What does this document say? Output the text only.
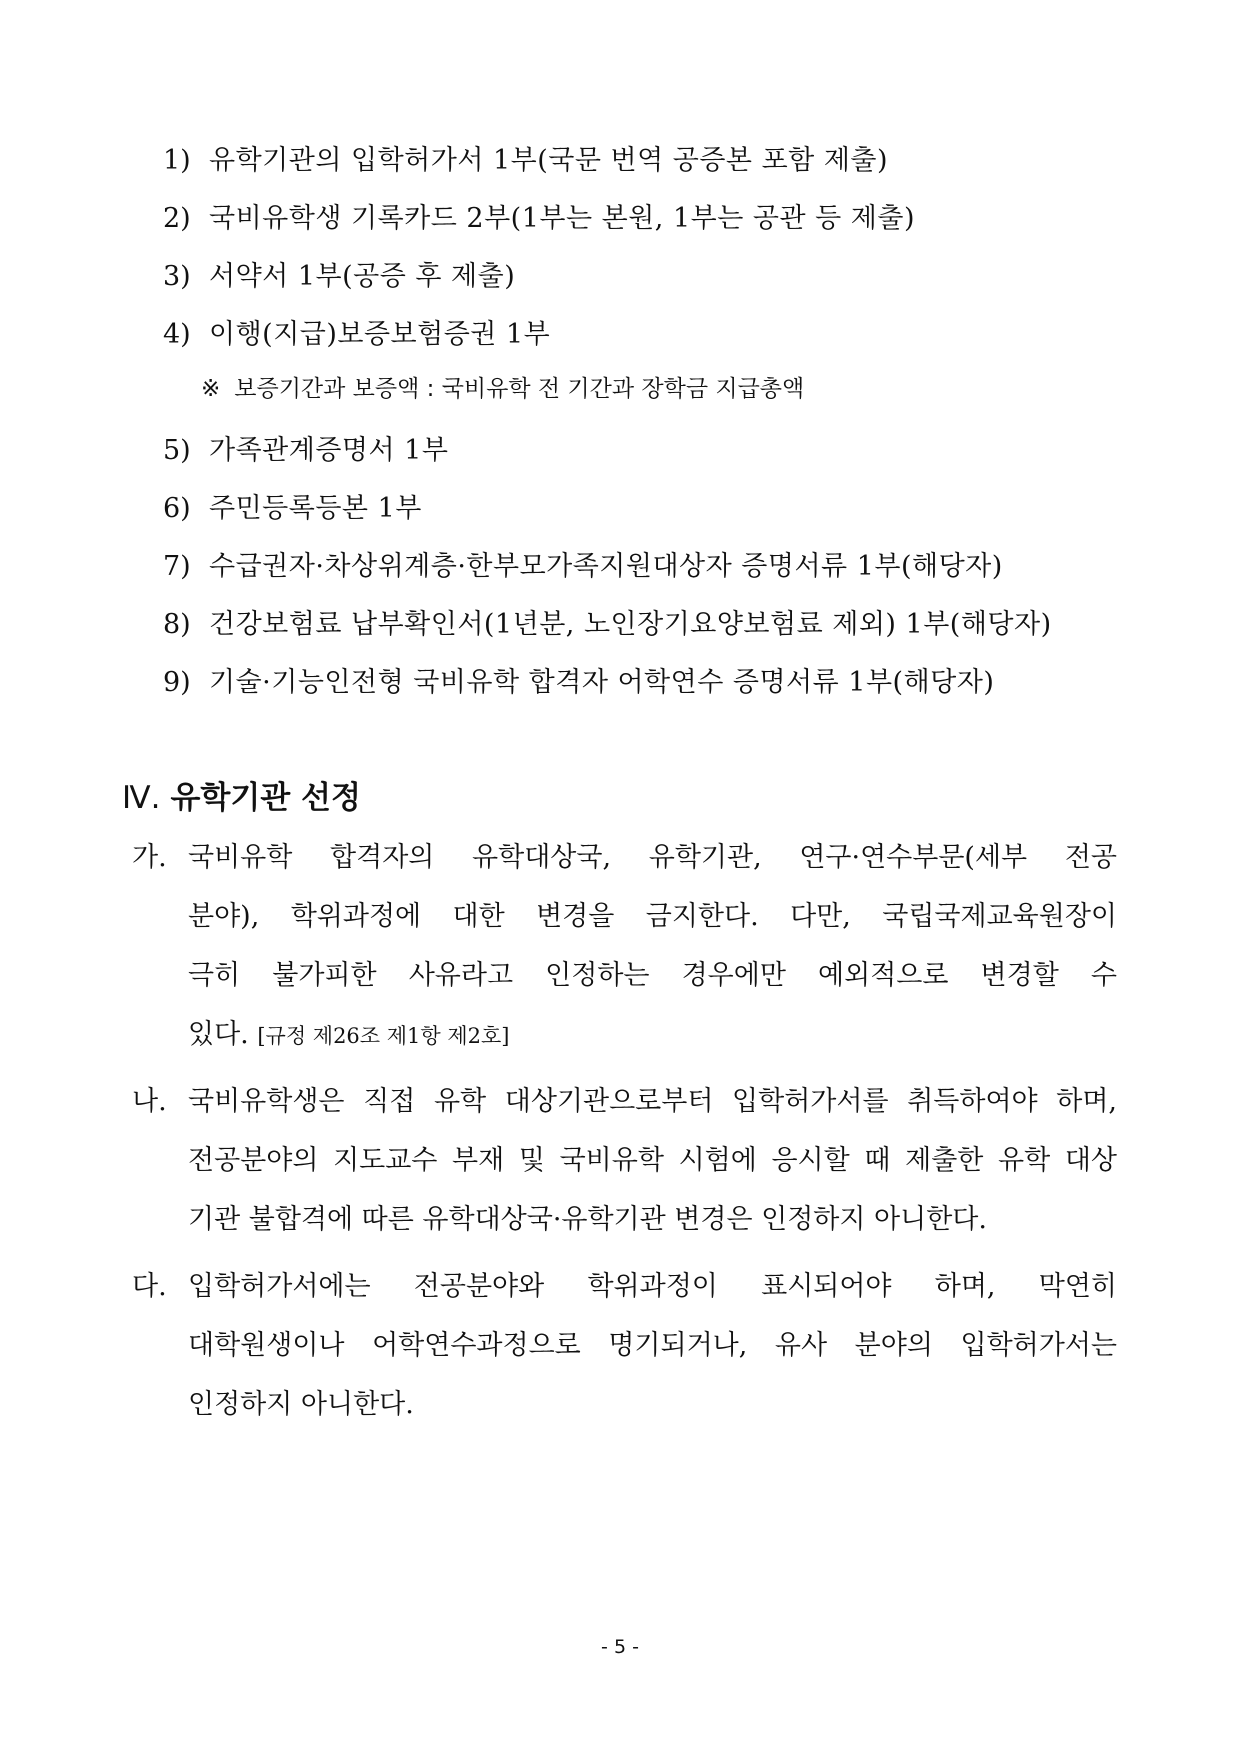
1) 유학기관의 입학허가서 1부(국문 번역 공증본 포함 제출)
2) 국비유학생 기록카드 2부(1부는 본원, 1부는 공관 등 제출)
3) 서약서 1부(공증 후 제출)
4) 이행(지급)보증보험증권 1부
※ 보증기간과 보증액 : 국비유학 전 기간과 장학금 지급총액
5) 가족관계증명서 1부
6) 주민등록등본 1부
7) 수급권자·차상위계층·한부모가족지원대상자 증명서류 1부(해당자)
8) 건강보험료 납부확인서(1년분, 노인장기요양보험료 제외) 1부(해당자)
9) 기술·기능인전형 국비유학 합격자 어학연수 증명서류 1부(해당자)
Ⅳ. 유학기관 선정
가. 국비유학 합격자의 유학대상국, 유학기관, 연구·연수부문(세부 전공
분야), 학위과정에 대한 변경을 금지한다. 다만, 국립국제교육원장이
극히 불가피한 사유라고 인정하는 경우에만 예외적으로 변경할 수
있다. [규정 제26조 제1항 제2호]
나. 국비유학생은 직접 유학 대상기관으로부터 입학허가서를 취득하여야 하며,
전공분야의 지도교수 부재 및 국비유학 시험에 응시할 때 제출한 유학 대상
기관 불합격에 따른 유학대상국·유학기관 변경은 인정하지 아니한다.
다. 입학허가서에는 전공분야와 학위과정이 표시되어야 하며, 막연히
대학원생이나 어학연수과정으로 명기되거나, 유사 분야의 입학허가서는
인정하지 아니한다.
- 5 -
